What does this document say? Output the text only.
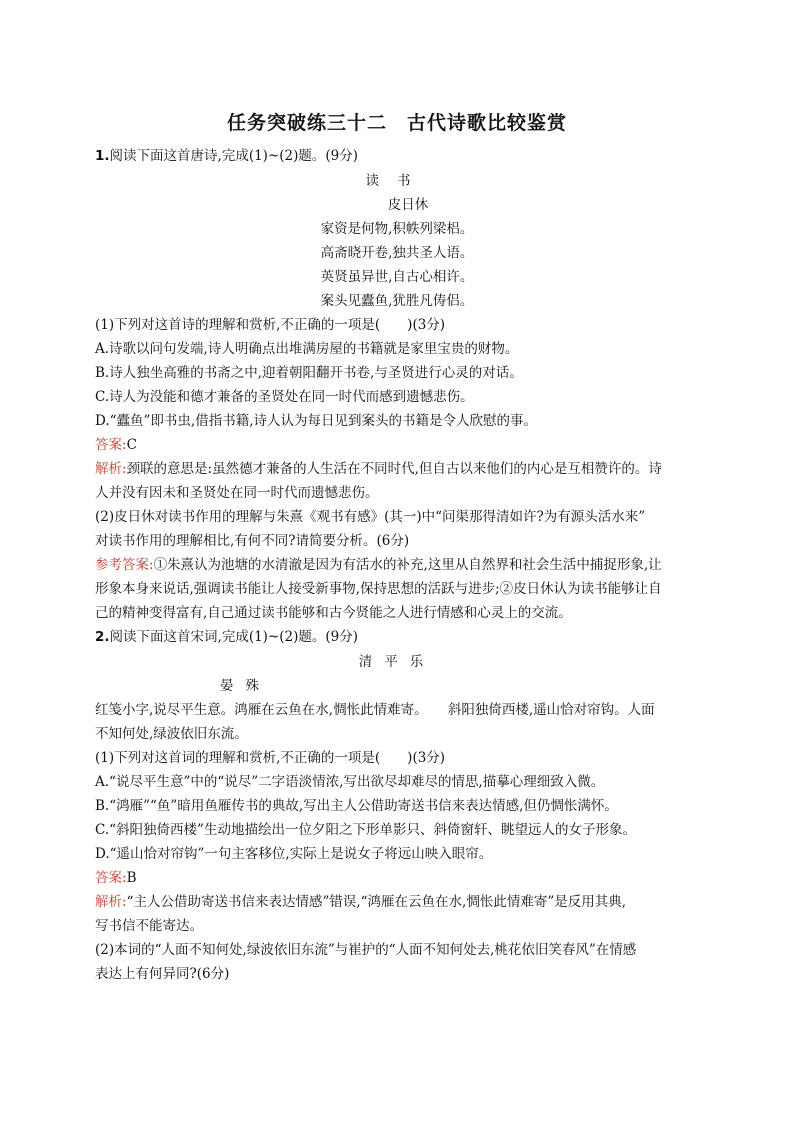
任务突破练三十二　古代诗歌比较鉴赏
1.阅读下面这首唐诗,完成(1)~(2)题。(9分)
读书
皮日休
家资是何物,积帙列梁梠。
高斋晓开卷,独共圣人语。
英贤虽异世,自古心相许。
案头见蠹鱼,犹胜凡俦侣。
(1)下列对这首诗的理解和赏析,不正确的一项是(　　)(3分)
A.诗歌以问句发端,诗人明确点出堆满房屋的书籍就是家里宝贵的财物。
B.诗人独坐高雅的书斋之中,迎着朝阳翻开书卷,与圣贤进行心灵的对话。
C.诗人为没能和德才兼备的圣贤处在同一时代而感到遗憾悲伤。
D.“蠹鱼”即书虫,借指书籍,诗人认为每日见到案头的书籍是令人欣慰的事。
答案:C
解析:颈联的意思是:虽然德才兼备的人生活在不同时代,但自古以来他们的内心是互相赞许的。诗
人并没有因未和圣贤处在同一时代而遗憾悲伤。
(2)皮日休对读书作用的理解与朱熹《观书有感》(其一)中“问渠那得清如许?为有源头活水来”
对读书作用的理解相比,有何不同?请简要分析。(6分)
参考答案:①朱熹认为池塘的水清澈是因为有活水的补充,这里从自然界和社会生活中捕捉形象,让
形象本身来说话,强调读书能让人接受新事物,保持思想的活跃与进步;②皮日休认为读书能够让自
己的精神变得富有,自己通过读书能够和古今贤能之人进行情感和心灵上的交流。
2.阅读下面这首宋词,完成(1)~(2)题。(9分)
清平乐
晏殊
红笺小字,说尽平生意。鸿雁在云鱼在水,惆怅此情难寄。　　斜阳独倚西楼,遥山恰对帘钩。人面
不知何处,绿波依旧东流。
(1)下列对这首词的理解和赏析,不正确的一项是(　　)(3分)
A.“说尽平生意”中的“说尽”二字语淡情浓,写出欲尽却难尽的情思,描摹心理细致入微。
B.“鸿雁”“鱼”暗用鱼雁传书的典故,写出主人公借助寄送书信来表达情感,但仍惆怅满怀。
C.“斜阳独倚西楼”生动地描绘出一位夕阳之下形单影只、斜倚窗轩、眺望远人的女子形象。
D.“遥山恰对帘钩”一句主客移位,实际上是说女子将远山映入眼帘。
答案:B
解析:“主人公借助寄送书信来表达情感”错误,“鸿雁在云鱼在水,惆怅此情难寄”是反用其典,
写书信不能寄达。
(2)本词的“人面不知何处,绿波依旧东流”与崔护的“人面不知何处去,桃花依旧笑春风”在情感
表达上有何异同?(6分)
